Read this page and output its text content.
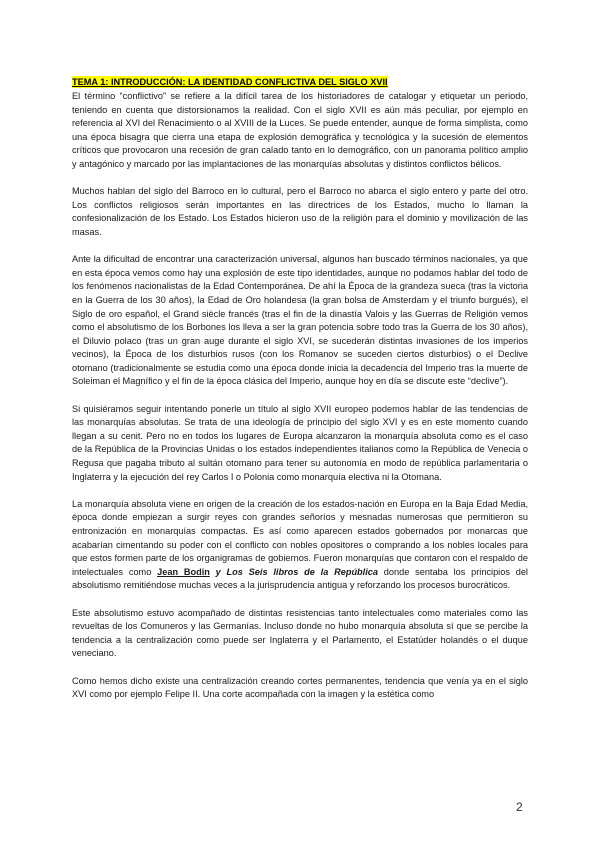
TEMA 1: INTRODUCCIÓN: LA IDENTIDAD CONFLICTIVA DEL SIGLO XVII

El término “conflictivo” se refiere a la difícil tarea de los historiadores de catalogar y etiquetar un periodo, teniendo en cuenta que distorsionamos la realidad. Con el siglo XVII es aún más peculiar, por ejemplo en referencia al XVI del Renacimiento o al XVIII de la Luces. Se puede entender, aunque de forma simplista, como una época bisagra que cierra una etapa de explosión demográfica y tecnológica y la sucesión de elementos críticos que provocaron una recesión de gran calado tanto en lo demográfico, con un panorama político amplio y antagónico y marcado por las implantaciones de las monarquías absolutas y distintos conflictos bélicos.

Muchos hablan del siglo del Barroco en lo cultural, pero el Barroco no abarca el siglo entero y parte del otro. Los conflictos religiosos serán importantes en las directrices de los Estados, mucho lo llaman la confesionalización de los Estado. Los Estados hicieron uso de la religión para el dominio y movilización de las masas.

Ante la dificultad de encontrar una caracterización universal, algunos han buscado términos nacionales, ya que en esta época vemos como hay una explosión de este tipo identidades, aunque no podamos hablar del todo de los fenómenos nacionalistas de la Edad Contemporánea. De ahí la Época de la grandeza sueca (tras la victoria en la Guerra de los 30 años), la Edad de Oro holandesa (la gran bolsa de Amsterdam y el triunfo burgués), el Siglo de oro español, el Grand siècle francés (tras el fin de la dinastía Valois y las Guerras de Religión vemos como el absolutismo de los Borbones los lleva a ser la gran potencia sobre todo tras la Guerra de los 30 años), el Diluvio polaco (tras un gran auge durante el siglo XVI, se sucederán distintas invasiones de los imperios vecinos), la Época de los disturbios rusos (con los Romanov se suceden ciertos disturbios) o el Declive otomano (tradicionalmente se estudia como una época donde inicia la decadencia del Imperio tras la muerte de Soleiman el Magnífico y el fin de la época clásica del Imperio, aunque hoy en día se discute este “declive”).

Si quisiéramos seguir intentando ponerle un título al siglo XVII europeo podemos hablar de las tendencias de las monarquías absolutas. Se trata de una ideología de principio del siglo XVI y es en este momento cuando llegan a su cenit. Pero no en todos los lugares de Europa alcanzaron la monarquía absoluta como es el caso de la República de la Provincias Unidas o los estados independientes italianos como la República de Venecia o Regusa que pagaba tributo al sultán otomano para tener su autonomía en modo de república parlamentaria o Inglaterra y la ejecución del rey Carlos I o Polonia como monarquía electiva ni la Otomana.

La monarquía absoluta viene en origen de la creación de los estados-nación en Europa en la Baja Edad Media, época donde empiezan a surgir reyes con grandes señoríos y mesnadas numerosas que permitieron su entronización en monarquías compactas. Es así como aparecen estados gobernados por monarcas que acabarían cimentando su poder con el conflicto con nobles opositores o comprando a los nobles locales para que estos formen parte de los organigramas de gobiernos. Fueron monarquías que contaron con el respaldo de intelectuales como Jean Bodin y Los Seis libros de la República donde sentaba los principios del absolutismo remitiéndose muchas veces a la jurisprudencia antigua y reforzando los procesos burocráticos.

Este absolutismo estuvo acompañado de distintas resistencias tanto intelectuales como materiales como las revueltas de los Comuneros y las Germanías. Incluso donde no hubo monarquía absoluta sí que se percibe la tendencia a la centralización como puede ser Inglaterra y el Parlamento, el Estatúder holandés o el duque veneciano.

Como hemos dicho existe una centralización creando cortes permanentes, tendencia que venía ya en el siglo XVI como por ejemplo Felipe II. Una corte acompañada con la imagen y la estética como

2
